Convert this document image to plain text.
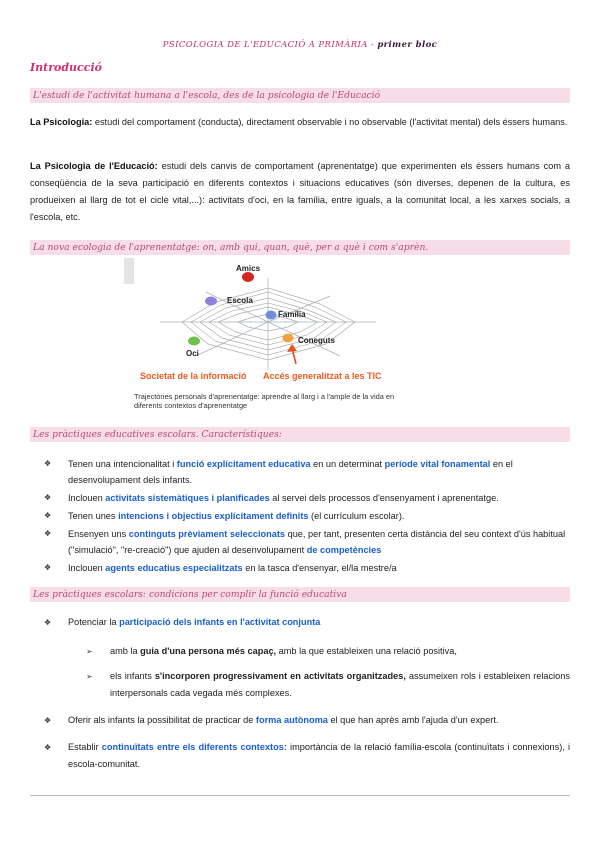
PSICOLOGIA DE L'EDUCACIÓ A PRIMÀRIA - primer bloc
Introducció
L'estudi de l'activitat humana a l'escola, des de la psicologia de l'Educació
La Psicologia: estudi del comportament (conducta), directament observable i no observable (l'activitat mental) dels éssers humans.
La Psicologia de l'Educació: estudi dels canvis de comportament (aprenentatge) que experimenten els éssers humans com a conseqüència de la seva participació en diferents contextos i situacions educatives (són diverses, depenen de la cultura, es produeixen al llarg de tot el cicle vital,...): activitats d'oci, en la família, entre iguals, a la comunitat local, a les xarxes socials, a l'escola, etc.
La nova ecologia de l'aprenentatge: on, amb qui, quan, què, per a què i com s'aprèn.
Amics
Escola
Família
Coneguts
Oci
Societat de la informació Accés generalitzat a les TIC
Trajectòries personals d'aprenentatge: aprendre al llarg i a l'ample de la vida en diferents contextos d'aprenentatge
Les pràctiques educatives escolars. Característiques:
❖ Tenen una intencionalitat i funció explícitament educativa en un determinat període vital fonamental en el desenvolupament dels infants.
❖ Inclouen activitats sistemàtiques i planificades al servei dels processos d'ensenyament i aprenentatge.
❖ Tenen unes intencions i objectius explícitament definits (el currículum escolar).
❖ Ensenyen uns continguts prèviament seleccionats que, per tant, presenten certa distància del seu context d'ús habitual ("simulació", "re-creació") que ajuden al desenvolupament de competències
❖ Inclouen agents educatius especialitzats en la tasca d'ensenyar, el/la mestre/a
Les pràctiques escolars: condicions per complir la funció educativa
❖ Potenciar la participació dels infants en l'activitat conjunta
➢ amb la guia d'una persona més capaç, amb la que estableixen una relació positiva,
➢ els infants s'incorporen progressivament en activitats organitzades, assumeixen rols i estableixen relacions interpersonals cada vegada més complexes.
❖ Oferir als infants la possibilitat de practicar de forma autònoma el que han après amb l'ajuda d'un expert.
❖ Establir continuïtats entre els diferents contextos: importància de la relació família-escola (continuïtats i connexions), i escola-comunitat.
